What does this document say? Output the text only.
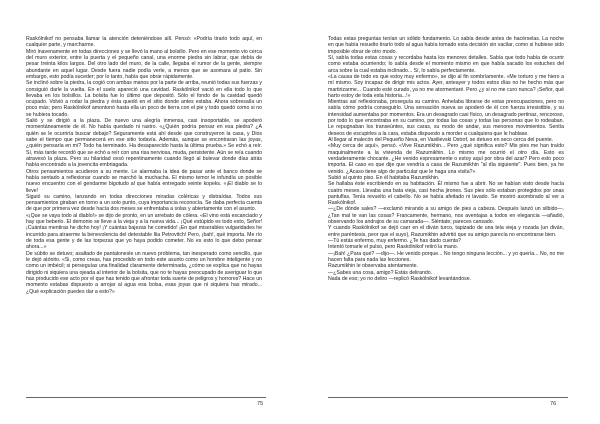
Raskólnikof no pensaba llamar la atención deteniéndose allí. Pensó: «Podría tirarlo todo aquí, en cualquier parte, y marcharme.

Miró inavenamente en todas direcciones y se llevó la mano al bolsillo. Pero en ese momento vio cerca del muro exterior, entre la puerta y el pequeño canal, una enorme piedra sin labrar, que debía de pesar treinta kilos largos. Del otro lado del muro, de la calle, llegaba el rumor de la gente, siempre abundante en aquel lugar. Desde fuera nadie podía verle, a menos que se asomara al patio. Sin embargo, esto podía suceder; por lo tanto, había que obrar rápidamente.

Se inclinó sobre la piedra, la cogió con ambas manos por la parte de arriba, reunió todas sus fuerzas y consiguió darle la vuelta. En el suelo apareció una cavidad. Raskólnikof vació en ella todo lo que llevaba en los bolsillos. La bolsita fue lo último que depositó. Sólo el fondo de la cavidad quedó ocupado. Volvió a rodar la piedra y ésta quedó en el sitio donde antes estaba. Ahora sobresalía un poco más; pero Raskólnikof amontonó hasta ella un poco de tierra con el pie y todo quedó como si no se hubiera tocado.

Salió y se dirigió a la plaza. De nuevo una alegría inmensa, casi insoportable, se apoderó momentáneamente de él. No había quedado ni rastro. «¿Quién podría pensar en esa piedra? ¿A quién se le ocurriría buscar debajo? Seguramente está ahí desde que construyeron la casa, y Dios sabe el tiempo que permanecerá en ese sitio todavía. Además, aunque se encontraran las joyas, ¿quién pensaría en mí? Todo ha terminado. Ha desaparecido hasta la última prueba.» Se echó a reír. Sí, más tarde recordó que se echó a reír con una risa nerviosa, muda, persistente. Aún se reía cuando atravesó la plaza. Pero su hilaridad cesó repentinamente cuando llegó al bulevar donde días atrás había encontrado a la jovencita embriagada.

Otros pensamientos acudieron a su mente. Le alarmaba la idea de pasar ante el banco donde se había sentado a reflexionar cuando se marchó la muchacha. El mismo temor le infundía un posible nuevo encuentro con el gendarme bigotudo al que había entregado veinte kopeks. «¡El diablo se lo lleve!

Siguió su camino, lanzando en todas direcciones miradas coléricas y distraídas. Todos sus pensamientos giraban en torno a un solo punto, cuya importancia reconocía. Se daba perfecta cuenta de que por primera vez desde hacía dos meses se enfrentaba a solas y abiertamente con el asunto.

«¡Que se vaya todo al diablo!» se dijo de pronto, en un arrebato de cólera. «El vino está escanciado y hay que beberlo. El demonio se lleve a la vieja y a la nueva vida... ¡Qué estúpido es todo esto, Señor! ¡Cuántas mentiras he dicho hoy! ¡Y cuántas bajezas he cometido! ¡En qué miserables vulgaridades he incurrido para atraerme la benevolencia del detestable Ilia Petrovitch! Pero, ¡bah!, qué importa. Me río de toda esa gente y de las torpezas que yo haya podido cometer. No es esto lo que debo pensar ahora...»

De súbito se detuvo; asaltado de pantalonesle un nuevo problema, tan inesperado como sencillo, que le dejó atónito. «Si, como creas, has procedido en todo este asunto como un hombre inteligente y no como un imbécil; si perseguías una finalidad claramente determinada, ¿cómo se explica que no hayas dirigido ni siquiera una ojeada al interior de la bolsita, que no te hayas preocupado de averiguar lo que has producido ese acto por el que has tenido que afrontar toda suerte de peligros y horrores? Hace un momento estabas dispuesto a arrojar al agua esa bolsa, esas joyas que ni siquiera has mirado... ¿Qué explicación puedes dar a esto?»

75

Todas estas preguntas tenían un sólido fundamento. Lo sabía desde antes de hacérselas. La noche en que había resuelto tirarlo todo al agua había tomado esta decisión sin vacilar, como si hubiese sido imposible obrar de otro modo.

Sí, sabía todas estas cosas y recordaba hasta los menores detalles. Sabía que todo había de ocurrir como estaba ocurriendo; lo sabía desde el momento mismo en que había sacado los estuches del arca sobre la cual estaba inclinado... Sí, lo sabía perfectamente.

«La causa de todo es que estoy muy enfermo», se dijo al fin sombríamente. «Me torturo y me hiero a mí mismo. Soy incapaz de dirigir mis actos. Ayer, anteayer y todos estos días no he hecho más que martirizarme... Cuando esté curado, ya no me atormentaré. Pero ¿y si no me curo nunca? ¡Señor, qué harto estoy de toda esta historia...!»

Mientras así reflexionaba, proseguía su camino. Anhelaba librarse de estas preocupaciones, pero no sabía cómo podría conseguirlo. Una sensación nueva se apoderó de él con fuerza irresistible, y su intensidad aumentaba por momentos. Era un desagrado casi físico, un desagrado pertinaz, rencoroso, por todo lo que encontraba en su camino, por todas las cosas y todas las personas que lo rodeaban. Le repugnaban los transeúntes, sus caras, su modo de andar, sus menores movimientos. Sentía deseos de escupirles a la cara, estaba dispuesto a morder a cualquiera que le hablase.

Al llegar al malecón del Pequeño Neva, en Vasilievski Ostrof, se detuvo en seco cerca del puente.

«Muy cerca de aquí», pensó. «Vive Razumikhin... Pero ¿qué significa esto? Mis pies me han traído maquinalmente a la vivienda de Razumikhin. Lo mismo me ocurrió el otro día. Esto es verdaderamente chocante. ¿He venido expresamente o estoy aquí por obra del azar? Pero esto poco importa. El caso es que dije que vendría a casa de Razumikhin "al día siguiente". Pues bien, ya he venido. ¿Acaso tiene algo de particular que le haga una visita?»

Subió al quinto piso. En él habitaba Razumikhin.

Se hallaba éste escribiendo en su habitación. Él mismo fue a abrir. No se habían visto desde hacía cuatro meses. Llevaba una bata vieja, casi hecha jirones. Sus pies sólo estaban protegidos por unas pantuflas. Tenía revuelto el cabello. No se había afeitado ni lavado. Se mostró asombrado al ver a Raskólnikof.

—¿De dónde sales? —exclamó mirando a su amigo de pies a cabeza. Después lanzó un silbido—. ¿Tan mal te van las cosas? Francamente, hermano, nos aventajas a todos en elegancia —añadió, observando los andrajos de su camarada—. Siéntate; pareces cansado.

Y cuando Raskólnikof se dejó caer en el diván turco, tapizado de una tela vieja y rozada (un diván, entre paréntesis, peor que el suyo), Razumikhin advirtió que su amigo parecía no encontrarse bien.

—Tú estás enfermo, muy enfermo. ¿Te has dado cuenta?

Intentó tomarle el pulso, pero Raskólnikof retiró la mano.

—¡Bah! ¿Para qué? —dijo—. He venido porque... No tengo ninguna lección... y yo quería... No, no me hacen falta para nada las lecciones.

Razumikhin le observaba atentamente.

—¿Sabes una cosa, amigo? Estás delirando.

Nada de eso; yo no deliro —replicó Raskólnikof levantándose.

76
